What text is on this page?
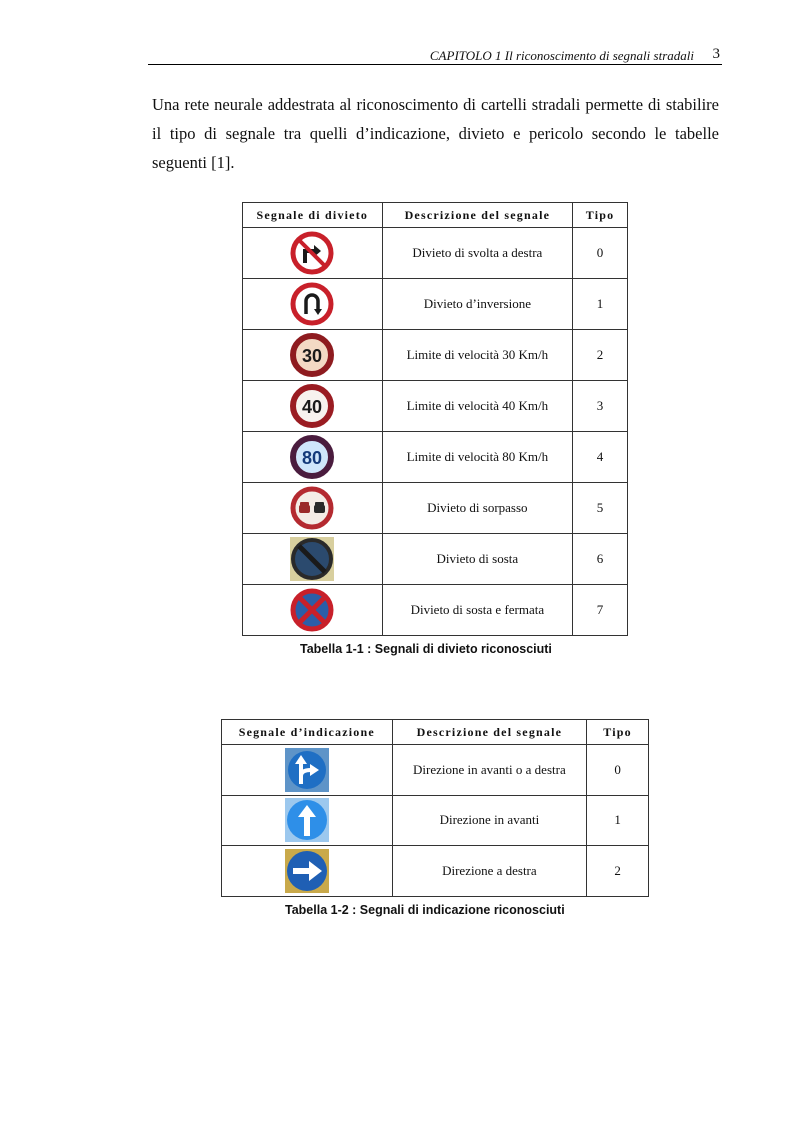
CAPITOLO 1 Il riconoscimento di segnali stradali 3

Una rete neurale addestrata al riconoscimento di cartelli stradali permette di stabilire il tipo di segnale tra quelli d’indicazione, divieto e pericolo secondo le tabelle seguenti [1].

Segnale di divieto	Descrizione del segnale	Tipo

	Divieto di svolta a destra	0

	Divieto d’inversione	1

30	Limite di velocità 30 Km/h	2

40	Limite di velocità 40 Km/h	3

80	Limite di velocità 80 Km/h	4

	Divieto di sorpasso	5

	Divieto di sosta	6

	Divieto di sosta e fermata	7
Tabella 1-1 : Segnali di divieto riconosciuti
Segnale d’indicazione	Descrizione del segnale	Tipo

	Direzione in avanti o a destra	0

	Direzione in avanti	1

	Direzione a destra	2
Tabella 1-2 : Segnali di indicazione riconosciuti
